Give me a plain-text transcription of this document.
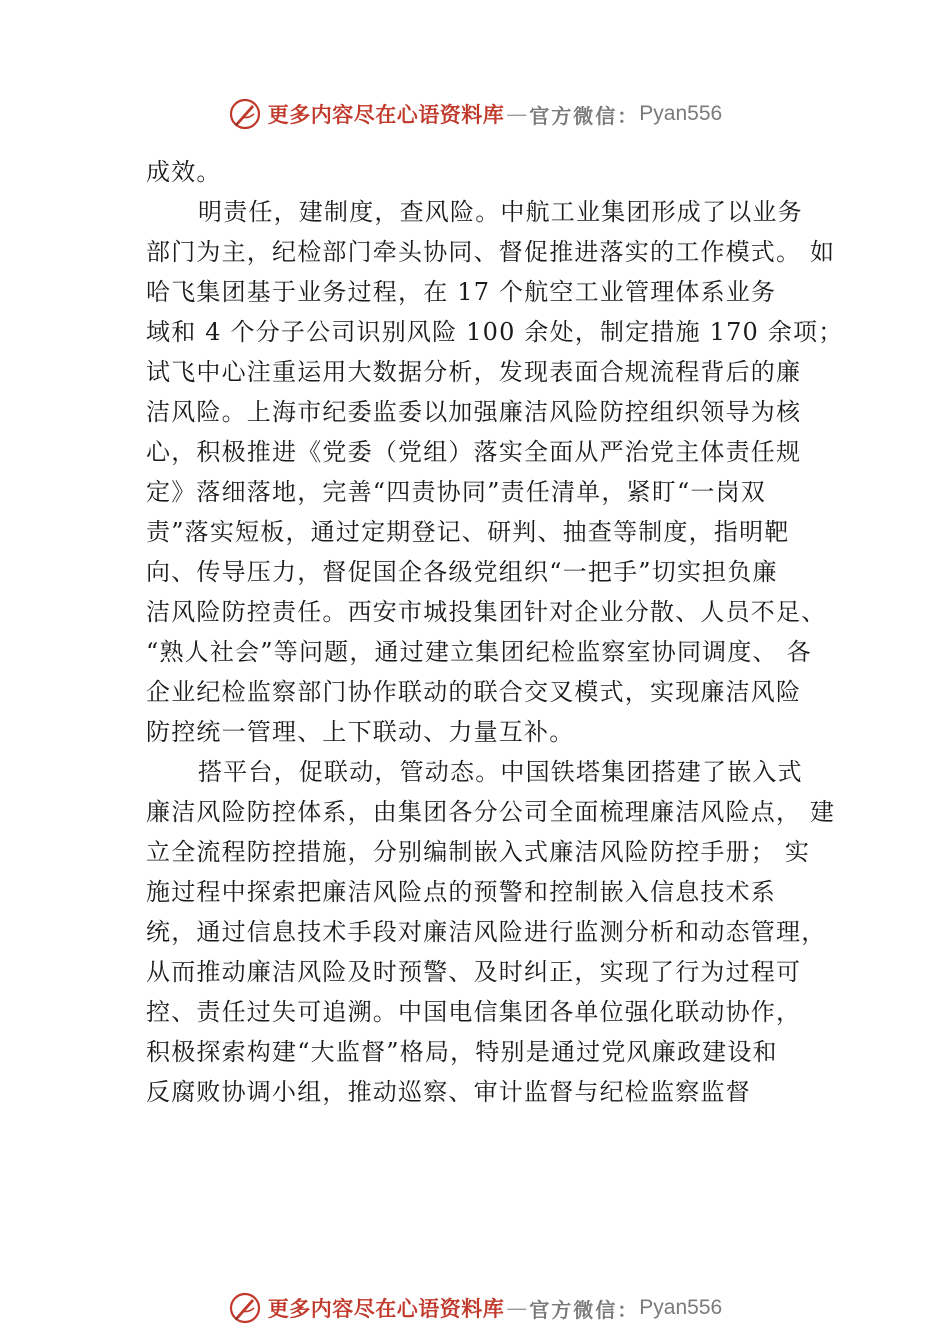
更多内容尽在心语资料库 — 官方微信： Pyan556
成效。
明责任，建制度，查风险。中航工业集团形成了以业务
部门为主，纪检部门牵头协同、督促推进落实的工作模式。 如
哈飞集团基于业务过程，在 17 个航空工业管理体系业务
域和 4 个分子公司识别风险 100 余处，制定措施 170 余项；
试飞中心注重运用大数据分析，发现表面合规流程背后的廉
洁风险。上海市纪委监委以加强廉洁风险防控组织领导为核
心，积极推进《党委（党组）落实全面从严治党主体责任规
定》落细落地，完善“四责协同”责任清单，紧盯“一岗双
责”落实短板，通过定期登记、研判、抽查等制度，指明靶
向、传导压力，督促国企各级党组织“一把手”切实担负廉
洁风险防控责任。西安市城投集团针对企业分散、人员不足、
“熟人社会”等问题，通过建立集团纪检监察室协同调度、 各
企业纪检监察部门协作联动的联合交叉模式，实现廉洁风险
防控统一管理、上下联动、力量互补。
搭平台，促联动，管动态。中国铁塔集团搭建了嵌入式
廉洁风险防控体系，由集团各分公司全面梳理廉洁风险点， 建
立全流程防控措施，分别编制嵌入式廉洁风险防控手册； 实
施过程中探索把廉洁风险点的预警和控制嵌入信息技术系
统，通过信息技术手段对廉洁风险进行监测分析和动态管理，
从而推动廉洁风险及时预警、及时纠正，实现了行为过程可
控、责任过失可追溯。中国电信集团各单位强化联动协作，
积极探索构建“大监督”格局，特别是通过党风廉政建设和
反腐败协调小组，推动巡察、审计监督与纪检监察监督
更多内容尽在心语资料库 — 官方微信： Pyan556
